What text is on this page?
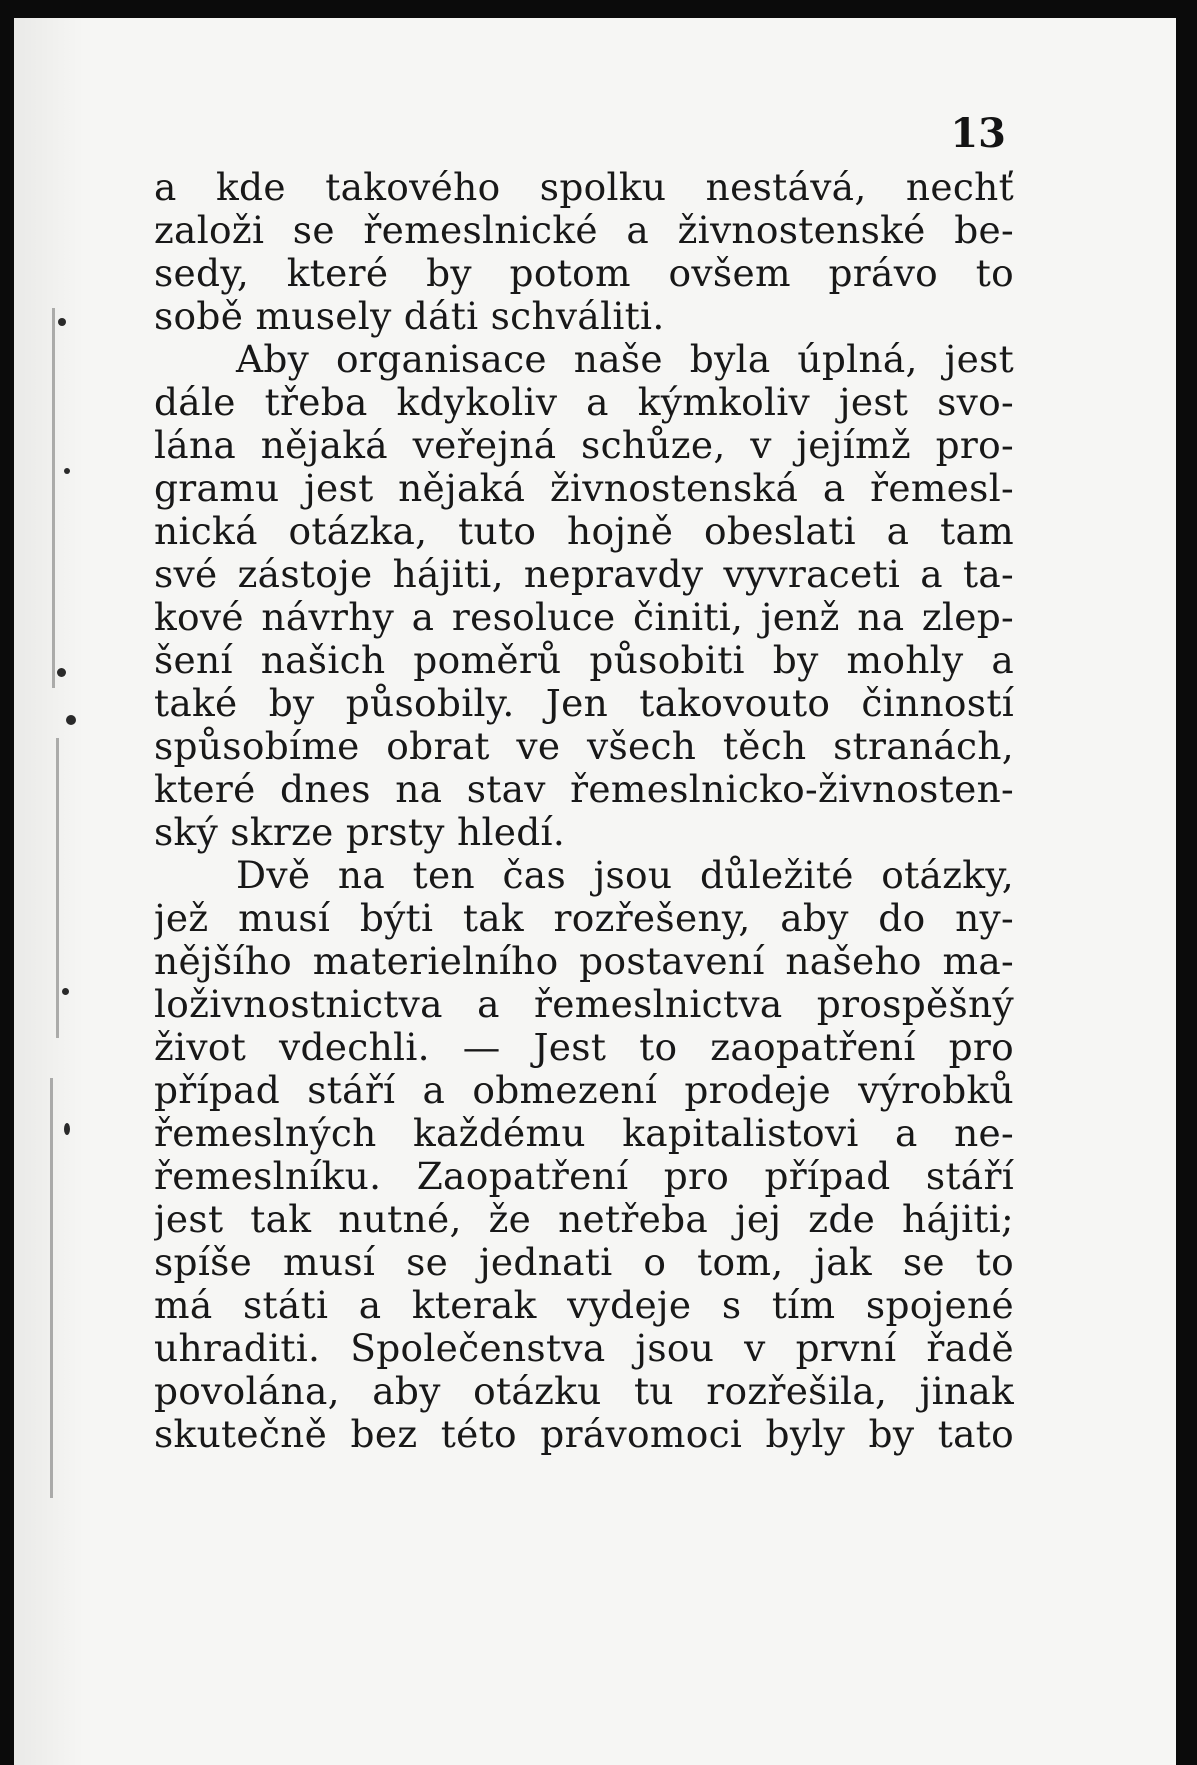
13
a kde takového spolku nestává, nechť
založi se řemeslnické a živnostenské be-
sedy, které by potom ovšem právo to
sobě musely dáti schváliti.
Aby organisace naše byla úplná, jest
dále třeba kdykoliv a kýmkoliv jest svo-
lána nějaká veřejná schůze, v jejímž pro-
gramu jest nějaká živnostenská a řemesl-
nická otázka, tuto hojně obeslati a tam
své zástoje hájiti, nepravdy vyvraceti a ta-
kové návrhy a resoluce činiti, jenž na zlep-
šení našich poměrů působiti by mohly a
také by působily. Jen takovouto činností
spůsobíme obrat ve všech těch stranách,
které dnes na stav řemeslnicko-živnosten-
ský skrze prsty hledí.
Dvě na ten čas jsou důležité otázky,
jež musí býti tak rozřešeny, aby do ny-
nějšího materielního postavení našeho ma-
loživnostnictva a řemeslnictva prospěšný
život vdechli. — Jest to zaopatření pro
případ stáří a obmezení prodeje výrobků
řemeslných každému kapitalistovi a ne-
řemeslníku. Zaopatření pro případ stáří
jest tak nutné, že netřeba jej zde hájiti;
spíše musí se jednati o tom, jak se to
má státi a kterak vydeje s tím spojené
uhraditi. Společenstva jsou v první řadě
povolána, aby otázku tu rozřešila, jinak
skutečně bez této právomoci byly by tato
